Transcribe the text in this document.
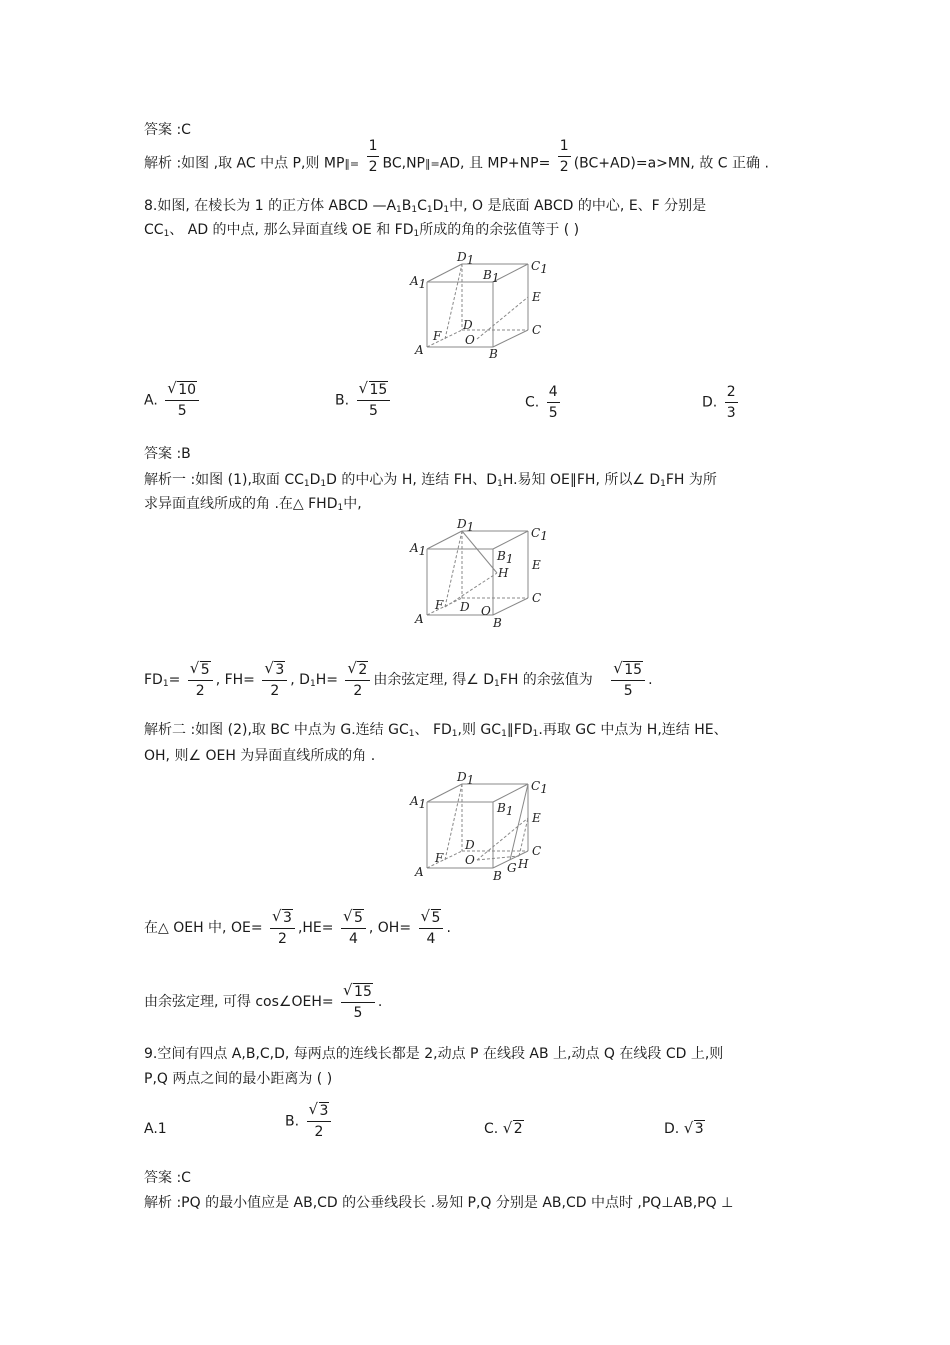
答案 :C
解析 :如图 ,取 AC 中点 P,则 MP∥= $\frac{1}{2}$ BC,NP∥=AD, 且 $MP+NP= \frac{1}{2} (BC+AD)=a>MN$, 故 C 正确 .
8.如图, 在棱长为 1 的正方体 ABCD $—A_1B_1C_1D_1$中, O 是底面 ABCD 的中心, E、F 分别是
$CC_1$、 AD 的中点, 那么异面直线 OE 和 $FD_1$所成的角的余弦值等于 ( )
A1
D1
B1
C1
E
C
F
D
O
A	B
A. $\frac{√ 10}{5}$	B. $\frac{√ 15}{5}$	C. $\frac{4}{5}$	D. $\frac{2}{3}$
答案 :B
解析一 :如图 (1),取面 $CC_1D_1D$ 的中心为 H, 连结 FH、$D_1H$.易知 OE∥FH, 所以∠ $D_1FH$ 为所
求异面直线所成的角 .在△ $FHD_1$中,
A1
D1
B1
H
C1
E
C
F D O
A	B
$FD_1= \frac{√ 5}{2}$ , $FH= \frac{√ 3}{2}$ , $D_1H= \frac{√ 2}{2}$ 由余弦定理, 得∠ $D_1FH$ 的余弦值为 $\frac{√ 15}{5}$ .
解析二 :如图 (2),取 BC 中点为 G.连结 $GC_1$、 $FD_1$,则 $GC_1\parallel FD_1$.再取 GC 中点为 H,连结 HE、
OH, 则∠ OEH 为异面直线所成的角 .
A1
D1
B1
C1
E
C
F
D
O
A	B
G H
在△ OEH 中, $OE= \frac{√ 3}{2} ,HE= \frac{√ 5}{4}$ , $OH= \frac{√ 5}{4}$ .
由余弦定理, 可得 cos∠OEH= $\frac{√ 15}{5}$ .
9.空间有四点 A,B,C,D, 每两点的连线长都是 2,动点 P 在线段 AB 上,动点 Q 在线段 CD 上,则
P,Q 两点之间的最小距离为 ( )
A.1	B. $\frac{√ 3}{2}$	C. √ 2	D. √ 3
答案 :C
解析 :PQ 的最小值应是 AB,CD 的公垂线段长 .易知 P,Q 分别是 AB,CD 中点时 ,PQ⊥AB,PQ ⊥
